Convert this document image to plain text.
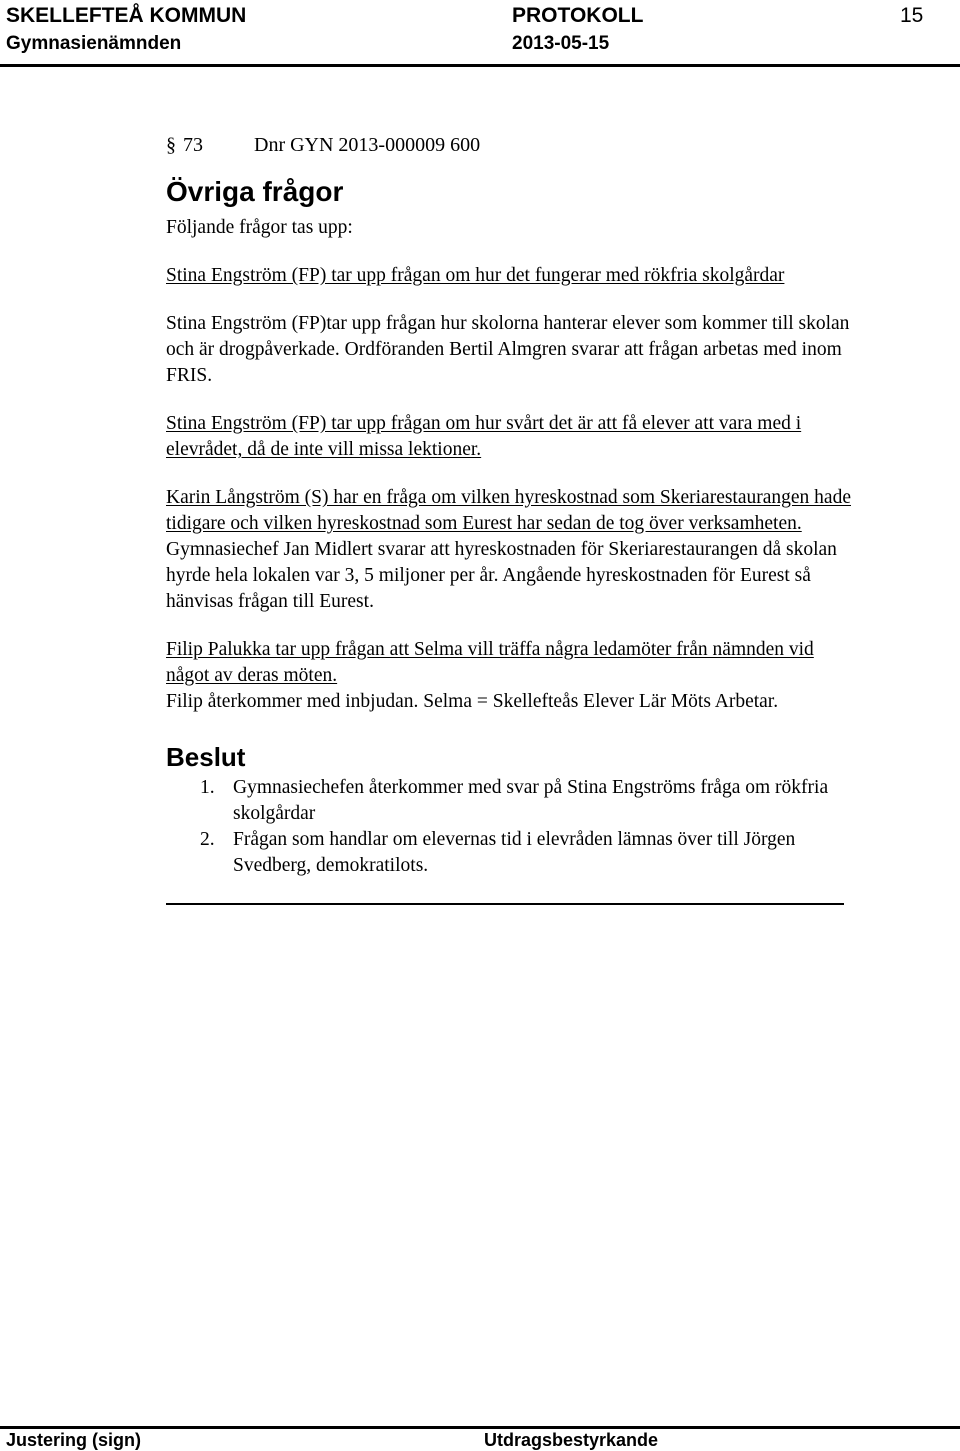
SKELLEFTEÅ KOMMUN	PROTOKOLL	15
Gymnasienämnden	2013-05-15
§ 73	Dnr GYN 2013-000009 600
Övriga frågor

Följande frågor tas upp:

Stina Engström (FP) tar upp frågan om hur det fungerar med rökfria skolgårdar

Stina Engström (FP)tar upp frågan hur skolorna hanterar elever som kommer till skolan och är drogpåverkade. Ordföranden Bertil Almgren svarar att frågan arbetas med inom FRIS.

Stina Engström (FP) tar upp frågan om hur svårt det är att få elever att vara med i elevrådet, då de inte vill missa lektioner.

Karin Långström (S) har en fråga om vilken hyreskostnad som Skeriarestaurangen hade tidigare och vilken hyreskostnad som Eurest har sedan de tog över verksamheten.

Gymnasiechef Jan Midlert svarar att hyreskostnaden för Skeriarestaurangen då skolan hyrde hela lokalen var 3, 5 miljoner per år. Angående hyreskostnaden för Eurest så hänvisas frågan till Eurest.

Filip Palukka tar upp frågan att Selma vill träffa några ledamöter från nämnden vid något av deras möten.

Filip återkommer med inbjudan. Selma = Skellefteås Elever Lär Möts Arbetar.

Beslut
1. Gymnasiechefen återkommer med svar på Stina Engströms fråga om rökfria skolgårdar
2. Frågan som handlar om elevernas tid i elevråden lämnas över till Jörgen Svedberg, demokratilots.
Justering (sign)	Utdragsbestyrkande
